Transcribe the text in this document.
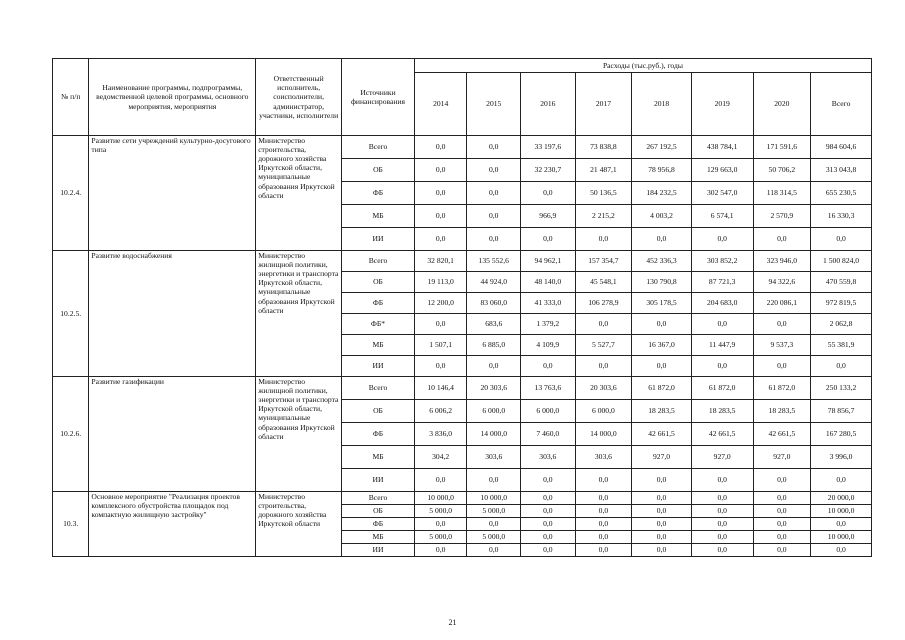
№ п/п	Наименование программы, подпрограммы, ведомственной целевой программы, основного мероприятия, мероприятия	Ответственный исполнитель, соисполнители, администратор, участники, исполнители	Источники финансирования	Расходы (тыс.руб.), годы							
				2014	2015	2016	2017	2018	2019	2020	Всего
10.2.4.	Развитие сети учреждений культурно-досугового типа	Министерство строительства, дорожного хозяйства Иркутской области, муниципальные образования Иркутской области	Всего	0,0	0,0	33 197,6	73 838,8	267 192,5	438 784,1	171 591,6	984 604,6
			ОБ	0,0	0,0	32 230,7	21 487,1	78 956,8	129 663,0	50 706,2	313 043,8
			ФБ	0,0	0,0	0,0	50 136,5	184 232,5	302 547,0	118 314,5	655 230,5
			МБ	0,0	0,0	966,9	2 215,2	4 003,2	6 574,1	2 570,9	16 330,3
			ИИ	0,0	0,0	0,0	0,0	0,0	0,0	0,0	0,0
10.2.5.	Развитие водоснабжения	Министерство жилищной политики, энергетики и транспорта Иркутской области, муниципальные образования Иркутской области	Всего	32 820,1	135 552,6	94 962,1	157 354,7	452 336,3	303 852,2	323 946,0	1 500 824,0
			ОБ	19 113,0	44 924,0	48 140,0	45 548,1	130 790,8	87 721,3	94 322,6	470 559,8
			ФБ	12 200,0	83 060,0	41 333,0	106 278,9	305 178,5	204 683,0	220 086,1	972 819,5
			ФБ*	0,0	683,6	1 379,2	0,0	0,0	0,0	0,0	2 062,8
			МБ	1 507,1	6 885,0	4 109,9	5 527,7	16 367,0	11 447,9	9 537,3	55 381,9
			ИИ	0,0	0,0	0,0	0,0	0,0	0,0	0,0	0,0
10.2.6.	Развитие газификации	Министерство жилищной политики, энергетики и транспорта Иркутской области, муниципальные образования Иркутской области	Всего	10 146,4	20 303,6	13 763,6	20 303,6	61 872,0	61 872,0	61 872,0	250 133,2
			ОБ	6 006,2	6 000,0	6 000,0	6 000,0	18 283,5	18 283,5	18 283,5	78 856,7
			ФБ	3 836,0	14 000,0	7 460,0	14 000,0	42 661,5	42 661,5	42 661,5	167 280,5
			МБ	304,2	303,6	303,6	303,6	927,0	927,0	927,0	3 996,0
			ИИ	0,0	0,0	0,0	0,0	0,0	0,0	0,0	0,0
10.3.	Основное мероприятие "Реализация проектов комплексного обустройства площадок под компактную жилищную застройку"	Министерство строительства, дорожного хозяйства Иркутской области	Всего	10 000,0	10 000,0	0,0	0,0	0,0	0,0	0,0	20 000,0
			ОБ	5 000,0	5 000,0	0,0	0,0	0,0	0,0	0,0	10 000,0
			ФБ	0,0	0,0	0,0	0,0	0,0	0,0	0,0	0,0
			МБ	5 000,0	5 000,0	0,0	0,0	0,0	0,0	0,0	10 000,0
			ИИ	0,0	0,0	0,0	0,0	0,0	0,0	0,0	0,0
21
